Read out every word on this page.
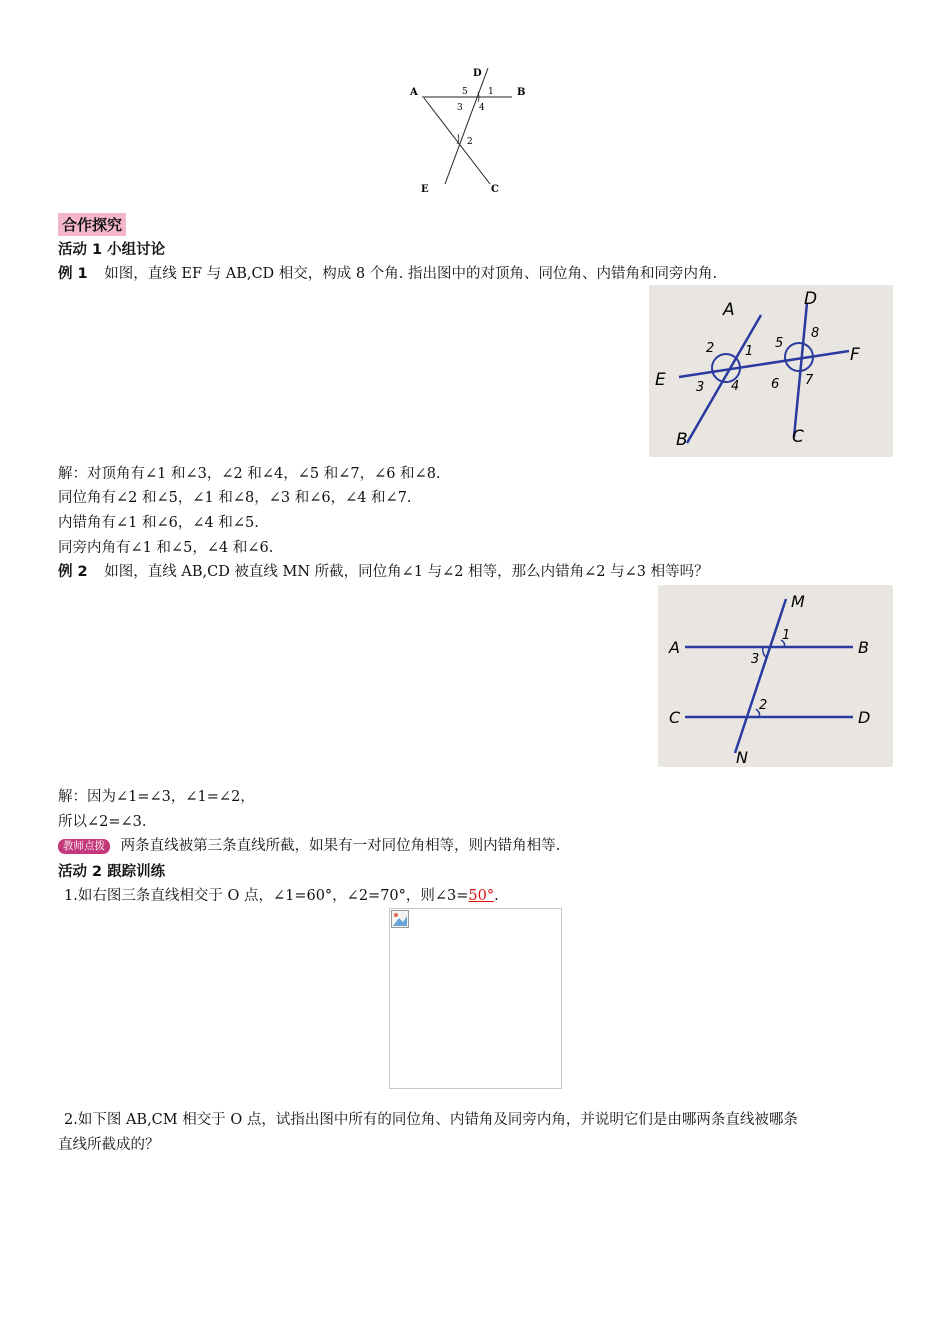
D
A	B
5 1
3 4
2
E	C
合作探究
活动 1 小组讨论
例 1 如图，直线 EF 与 AB,CD 相交，构成 8 个角. 指出图中的对顶角、同位角、内错角和同旁内角.
A
D
E
F
B	C
1
2
3 4
5
6 7
8
解：对顶角有∠1 和∠3，∠2 和∠4，∠5 和∠7，∠6 和∠8.
同位角有∠2 和∠5，∠1 和∠8，∠3 和∠6，∠4 和∠7.
内错角有∠1 和∠6，∠4 和∠5.
同旁内角有∠1 和∠5，∠4 和∠6.
例 2 如图，直线 AB,CD 被直线 MN 所截，同位角∠1 与∠2 相等，那么内错角∠2 与∠3 相等吗？
M
A	B
C	D
N
1
3
2
解：因为∠1=∠3，∠1=∠2，
所以∠2=∠3.
教师点拨 两条直线被第三条直线所截，如果有一对同位角相等，则内错角相等.
活动 2 跟踪训练
1.如右图三条直线相交于 O 点，∠1=60°，∠2=70°，则∠3=50°.
2.如下图 AB,CM 相交于 O 点，试指出图中所有的同位角、内错角及同旁内角，并说明它们是由哪两条直线被哪条
直线所截成的？
